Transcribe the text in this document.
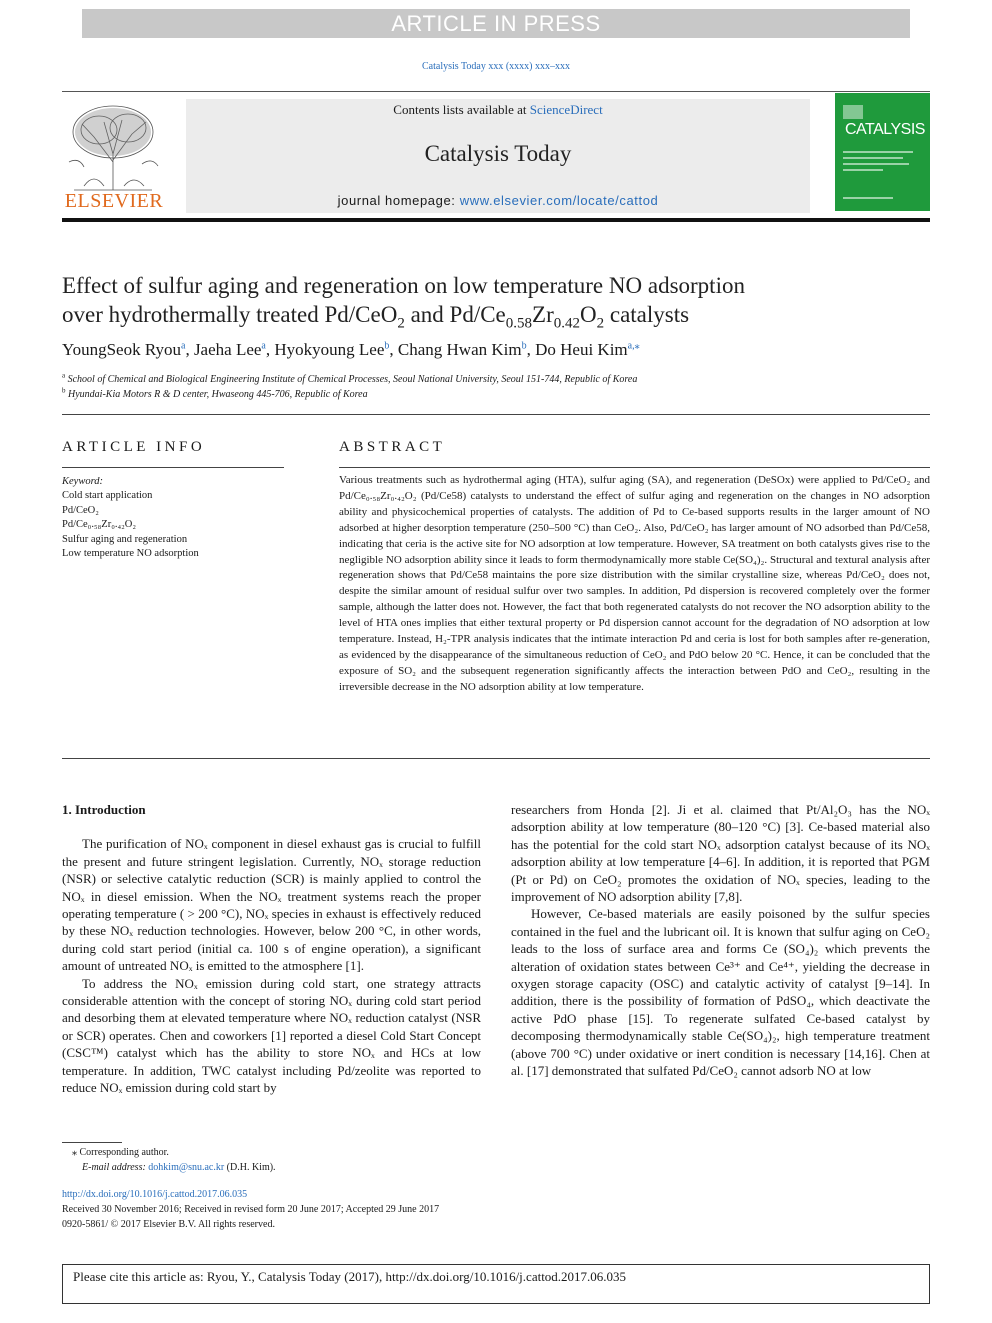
ARTICLE IN PRESS
Catalysis Today xxx (xxxx) xxx–xxx
ELSEVIER
Contents lists available at ScienceDirect
Catalysis Today
journal homepage: www.elsevier.com/locate/cattod
CATALYSIS
Effect of sulfur aging and regeneration on low temperature NO adsorption
over hydrothermally treated Pd/CeO$_2$ and $Pd/Ce_{0.58}Zr_{0.42}O_2$ catalysts
YoungSeok Ryou$^a$, Jaeha Lee$^a$, Hyokyoung Lee$^b$, Chang Hwan Kim$^b$, Do Heui Kim$^{a,⁎}$
$^a$ School of Chemical and Biological Engineering Institute of Chemical Processes, Seoul National University, Seoul 151-744, Republic of Korea
$^b$ Hyundai-Kia Motors R & D center, Hwaseong 445-706, Republic of Korea
ARTICLE INFO
Keyword:
Cold start application
Pd/CeO₂
Pd/Ce₀.₅₈Zr₀.₄₂O₂
Sulfur aging and regeneration
Low temperature NO adsorption
ABSTRACT
Various treatments such as hydrothermal aging (HTA), sulfur aging (SA), and regeneration (DeSOx) were applied to Pd/CeO₂ and Pd/Ce₀.₅₈Zr₀.₄₂O₂ (Pd/Ce58) catalysts to understand the effect of sulfur aging and regeneration on the changes in NO adsorption ability and physicochemical properties of catalysts. The addition of Pd to Ce-based supports results in the larger amount of NO adsorbed at higher desorption temperature (250–500 °C) than CeO₂. Also, Pd/CeO₂ has larger amount of NO adsorbed than Pd/Ce58, indicating that ceria is the active site for NO adsorption at low temperature. However, SA treatment on both catalysts gives rise to the negligible NO adsorption ability since it leads to form thermodynamically more stable Ce(SO₄)₂. Structural and textural analysis after regeneration shows that Pd/Ce58 maintains the pore size distribution with the similar crystalline size, whereas Pd/CeO₂ does not, despite the similar amount of residual sulfur over two samples. In addition, Pd dispersion is recovered completely over the former sample, although the latter does not. However, the fact that both regenerated catalysts do not recover the NO adsorption ability to the level of HTA ones implies that either textural property or Pd dispersion cannot account for the degradation of NO adsorption at low temperature. Instead, H₂-TPR analysis indicates that the intimate interaction Pd and ceria is lost for both samples after re-generation, as evidenced by the disappearance of the simultaneous reduction of CeO₂ and PdO below 20 °C. Hence, it can be concluded that the exposure of SO₂ and the subsequent regeneration significantly affects the interaction between PdO and CeO₂, resulting in the irreversible decrease in the NO adsorption ability at low temperature.
1. Introduction

The purification of NOₓ component in diesel exhaust gas is crucial to fulfill the present and future stringent legislation. Currently, NOₓ storage reduction (NSR) or selective catalytic reduction (SCR) is mainly applied to control the NOₓ in diesel emission. When the NOₓ treatment systems reach the proper operating temperature ( > 200 °C), NOₓ species in exhaust is effectively reduced by these NOₓ reduction technologies. However, below 200 °C, in other words, during cold start period (initial ca. 100 s of engine operation), a significant amount of untreated NOₓ is emitted to the atmosphere [1].

To address the NOₓ emission during cold start, one strategy attracts considerable attention with the concept of storing NOₓ during cold start period and desorbing them at elevated temperature where NOₓ reduction catalyst (NSR or SCR) operates. Chen and coworkers [1] reported a diesel Cold Start Concept (CSC™) catalyst which has the ability to store NOₓ and HCs at low temperature. In addition, TWC catalyst including Pd/zeolite was reported to reduce NOₓ emission during cold start by

researchers from Honda [2]. Ji et al. claimed that Pt/Al₂O₃ has the NOₓ adsorption ability at low temperature (80–120 °C) [3]. Ce-based material also has the potential for the cold start NOₓ adsorption catalyst because of its NOₓ adsorption ability at low temperature [4–6]. In addition, it is reported that PGM (Pt or Pd) on CeO₂ promotes the oxidation of NOₓ species, leading to the improvement of NO adsorption ability [7,8].

However, Ce-based materials are easily poisoned by the sulfur species contained in the fuel and the lubricant oil. It is known that sulfur aging on CeO₂ leads to the loss of surface area and forms Ce (SO₄)₂ which prevents the alteration of oxidation states between Ce³⁺ and Ce⁴⁺, yielding the decrease in oxygen storage capacity (OSC) and catalytic activity of catalyst [9–14]. In addition, there is the possibility of formation of PdSO₄, which deactivate the active PdO phase [15]. To regenerate sulfated Ce-based catalyst by decomposing thermodynamically stable Ce(SO₄)₂, high temperature treatment (above 700 °C) under oxidative or inert condition is necessary [14,16]. Chen at al. [17] demonstrated that sulfated Pd/CeO₂ cannot adsorb NO at low

⁎ Corresponding author.
E-mail address: dohkim@snu.ac.kr (D.H. Kim).
http://dx.doi.org/10.1016/j.cattod.2017.06.035
Received 30 November 2016; Received in revised form 20 June 2017; Accepted 29 June 2017
0920-5861/ © 2017 Elsevier B.V. All rights reserved.
Please cite this article as: Ryou, Y., Catalysis Today (2017), http://dx.doi.org/10.1016/j.cattod.2017.06.035
